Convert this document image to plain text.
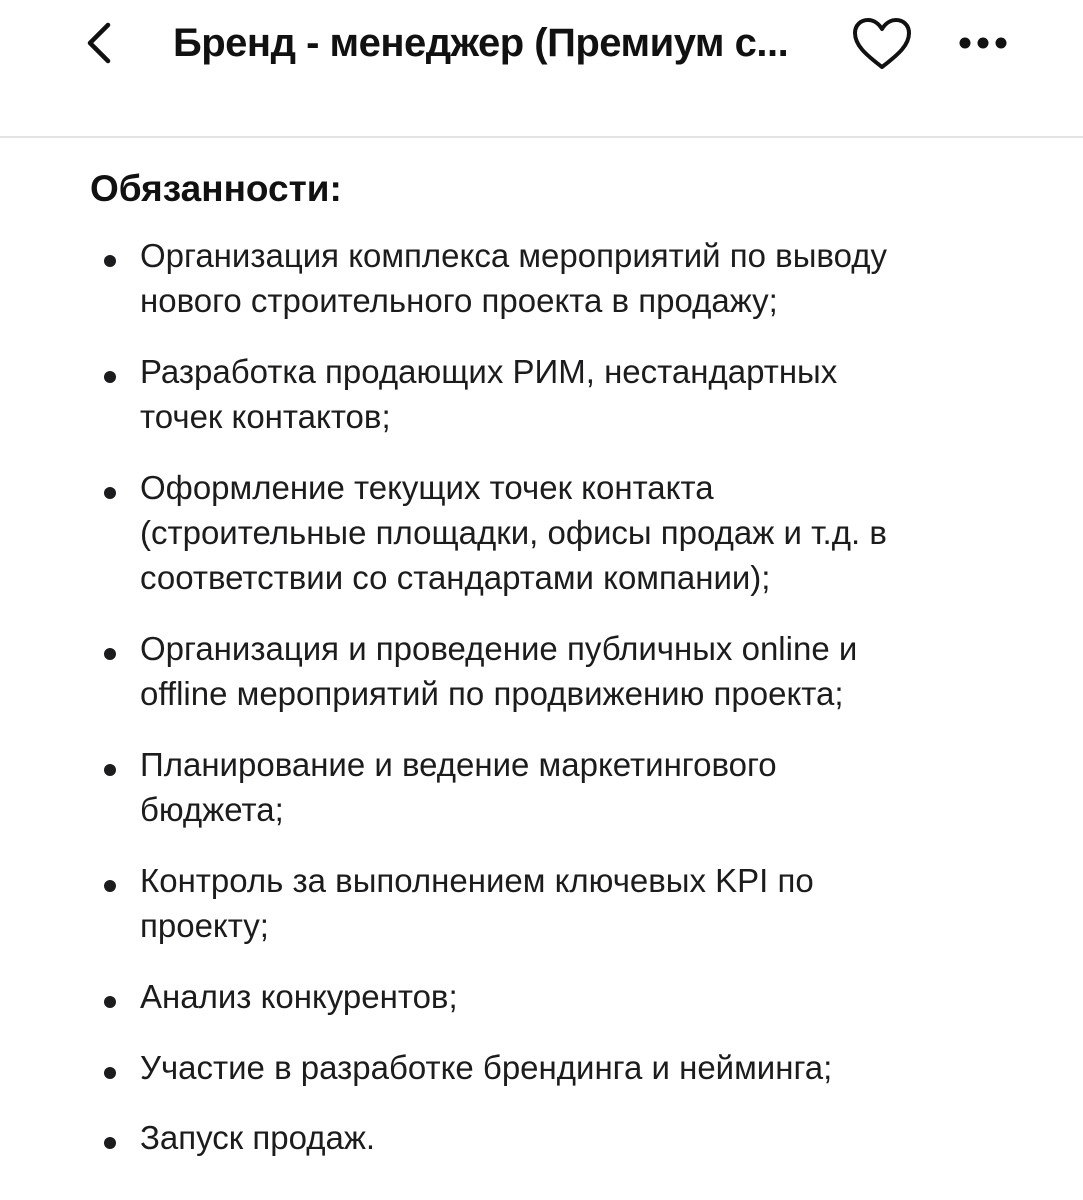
Бренд - менеджер (Премиум с...
Обязанности:
Организация комплекса мероприятий по выводу
нового строительного проекта в продажу;
Разработка продающих РИМ, нестандартных
точек контактов;
Оформление текущих точек контакта
(строительные площадки, офисы продаж и т.д. в
соответствии со стандартами компании);
Организация и проведение публичных online и
offline мероприятий по продвижению проекта;
Планирование и ведение маркетингового
бюджета;
Контроль за выполнением ключевых KPI по
проекту;
Анализ конкурентов;
Участие в разработке брендинга и нейминга;
Запуск продаж.
